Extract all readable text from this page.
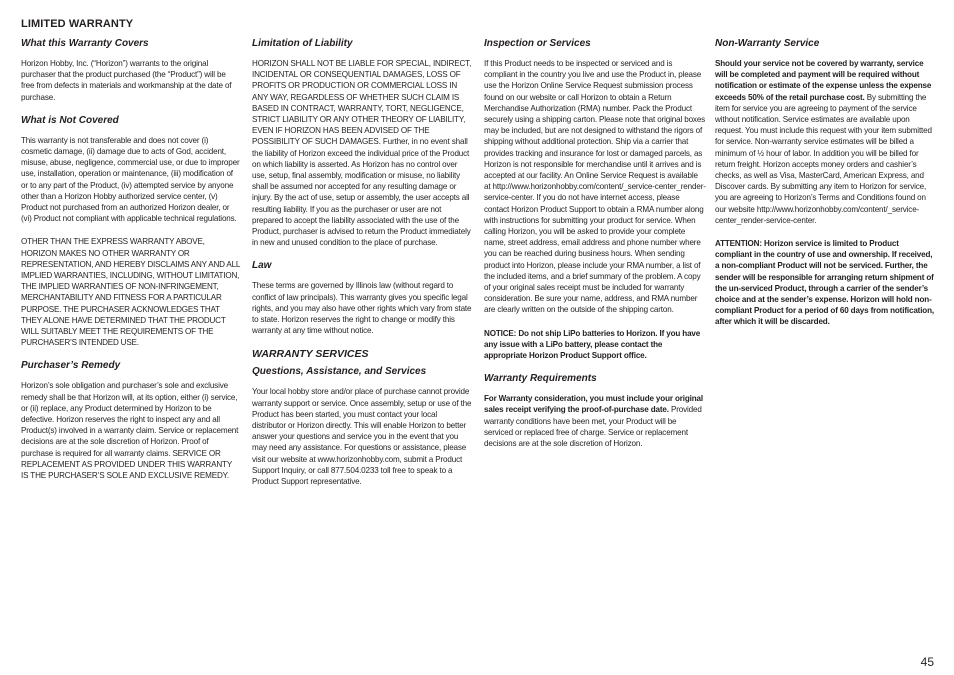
LIMITED WARRANTY
What this Warranty Covers

Horizon Hobby, Inc. (“Horizon”) warrants to the original purchaser that the product purchased (the “Product”) will be free from defects in materials and workmanship at the date of purchase.

What is Not Covered

This warranty is not transferable and does not cover (i) cosmetic damage, (ii) damage due to acts of God, accident, misuse, abuse, negligence, commercial use, or due to improper use, installation, operation or maintenance, (iii) modification of or to any part of the Product, (iv) attempted service by anyone other than a Horizon Hobby authorized service center, (v) Product not purchased from an authorized Horizon dealer, or (vi) Product not compliant with applicable technical regulations.

OTHER THAN THE EXPRESS WARRANTY ABOVE, HORIZON MAKES NO OTHER WARRANTY OR REPRESENTATION, AND HEREBY DISCLAIMS ANY AND ALL IMPLIED WARRANTIES, INCLUDING, WITHOUT LIMITATION, THE IMPLIED WARRANTIES OF NON-INFRINGEMENT, MERCHANTABILITY AND FITNESS FOR A PARTICULAR PURPOSE. THE PURCHASER ACKNOWLEDGES THAT THEY ALONE HAVE DETERMINED THAT THE PRODUCT WILL SUITABLY MEET THE REQUIREMENTS OF THE PURCHASER’S INTENDED USE.

Purchaser’s Remedy

Horizon’s sole obligation and purchaser’s sole and exclusive remedy shall be that Horizon will, at its option, either (i) service, or (ii) replace, any Product determined by Horizon to be defective. Horizon reserves the right to inspect any and all Product(s) involved in a warranty claim. Service or replacement decisions are at the sole discretion of Horizon. Proof of purchase is required for all warranty claims. SERVICE OR REPLACEMENT AS PROVIDED UNDER THIS WARRANTY IS THE PURCHASER’S SOLE AND EXCLUSIVE REMEDY.

Limitation of Liability

HORIZON SHALL NOT BE LIABLE FOR SPECIAL, INDIRECT, INCIDENTAL OR CONSEQUENTIAL DAMAGES, LOSS OF PROFITS OR PRODUCTION OR COMMERCIAL LOSS IN ANY WAY, REGARDLESS OF WHETHER SUCH CLAIM IS BASED IN CONTRACT, WARRANTY, TORT, NEGLIGENCE, STRICT LIABILITY OR ANY OTHER THEORY OF LIABILITY, EVEN IF HORIZON HAS BEEN ADVISED OF THE POSSIBILITY OF SUCH DAMAGES. Further, in no event shall the liability of Horizon exceed the individual price of the Product on which liability is asserted. As Horizon has no control over use, setup, final assembly, modification or misuse, no liability shall be assumed nor accepted for any resulting damage or injury. By the act of use, setup or assembly, the user accepts all resulting liability. If you as the purchaser or user are not prepared to accept the liability associated with the use of the Product, purchaser is advised to return the Product immediately in new and unused condition to the place of purchase.

Law

These terms are governed by Illinois law (without regard to conflict of law principals). This warranty gives you specific legal rights, and you may also have other rights which vary from state to state. Horizon reserves the right to change or modify this warranty at any time without notice.

WARRANTY SERVICES
Questions, Assistance, and Services

Your local hobby store and/or place of purchase cannot provide warranty support or service. Once assembly, setup or use of the Product has been started, you must contact your local distributor or Horizon directly. This will enable Horizon to better answer your questions and service you in the event that you may need any assistance. For questions or assistance, please visit our website at www.horizonhobby.com, submit a Product Support Inquiry, or call 877.504.0233 toll free to speak to a Product Support representative.

Inspection or Services

If this Product needs to be inspected or serviced and is compliant in the country you live and use the Product in, please use the Horizon Online Service Request submission process found on our website or call Horizon to obtain a Return Merchandise Authorization (RMA) number. Pack the Product securely using a shipping carton. Please note that original boxes may be included, but are not designed to withstand the rigors of shipping without additional protection. Ship via a carrier that provides tracking and insurance for lost or damaged parcels, as Horizon is not responsible for merchandise until it arrives and is accepted at our facility. An Online Service Request is available at http://www.horizonhobby.com/content/_service-center_render-service-center. If you do not have internet access, please contact Horizon Product Support to obtain a RMA number along with instructions for submitting your product for service. When calling Horizon, you will be asked to provide your complete name, street address, email address and phone number where you can be reached during business hours. When sending product into Horizon, please include your RMA number, a list of the included items, and a brief summary of the problem. A copy of your original sales receipt must be included for warranty consideration. Be sure your name, address, and RMA number are clearly written on the outside of the shipping carton.

NOTICE: Do not ship LiPo batteries to Horizon. If you have any issue with a LiPo battery, please contact the appropriate Horizon Product Support office.

Warranty Requirements

For Warranty consideration, you must include your original sales receipt verifying the proof-of-purchase date. Provided warranty conditions have been met, your Product will be serviced or replaced free of charge. Service or replacement decisions are at the sole discretion of Horizon.

Non-Warranty Service

Should your service not be covered by warranty, service will be completed and payment will be required without notification or estimate of the expense unless the expense exceeds 50% of the retail purchase cost. By submitting the item for service you are agreeing to payment of the service without notification. Service estimates are available upon request. You must include this request with your item submitted for service. Non-warranty service estimates will be billed a minimum of ½ hour of labor. In addition you will be billed for return freight. Horizon accepts money orders and cashier’s checks, as well as Visa, MasterCard, American Express, and Discover cards. By submitting any item to Horizon for service, you are agreeing to Horizon’s Terms and Conditions found on our website http://www.horizonhobby.com/content/_service-center_render-service-center.

ATTENTION: Horizon service is limited to Product compliant in the country of use and ownership. If received, a non-compliant Product will not be serviced. Further, the sender will be responsible for arranging return shipment of the un-serviced Product, through a carrier of the sender’s choice and at the sender’s expense. Horizon will hold non-compliant Product for a period of 60 days from notification, after which it will be discarded.

45
